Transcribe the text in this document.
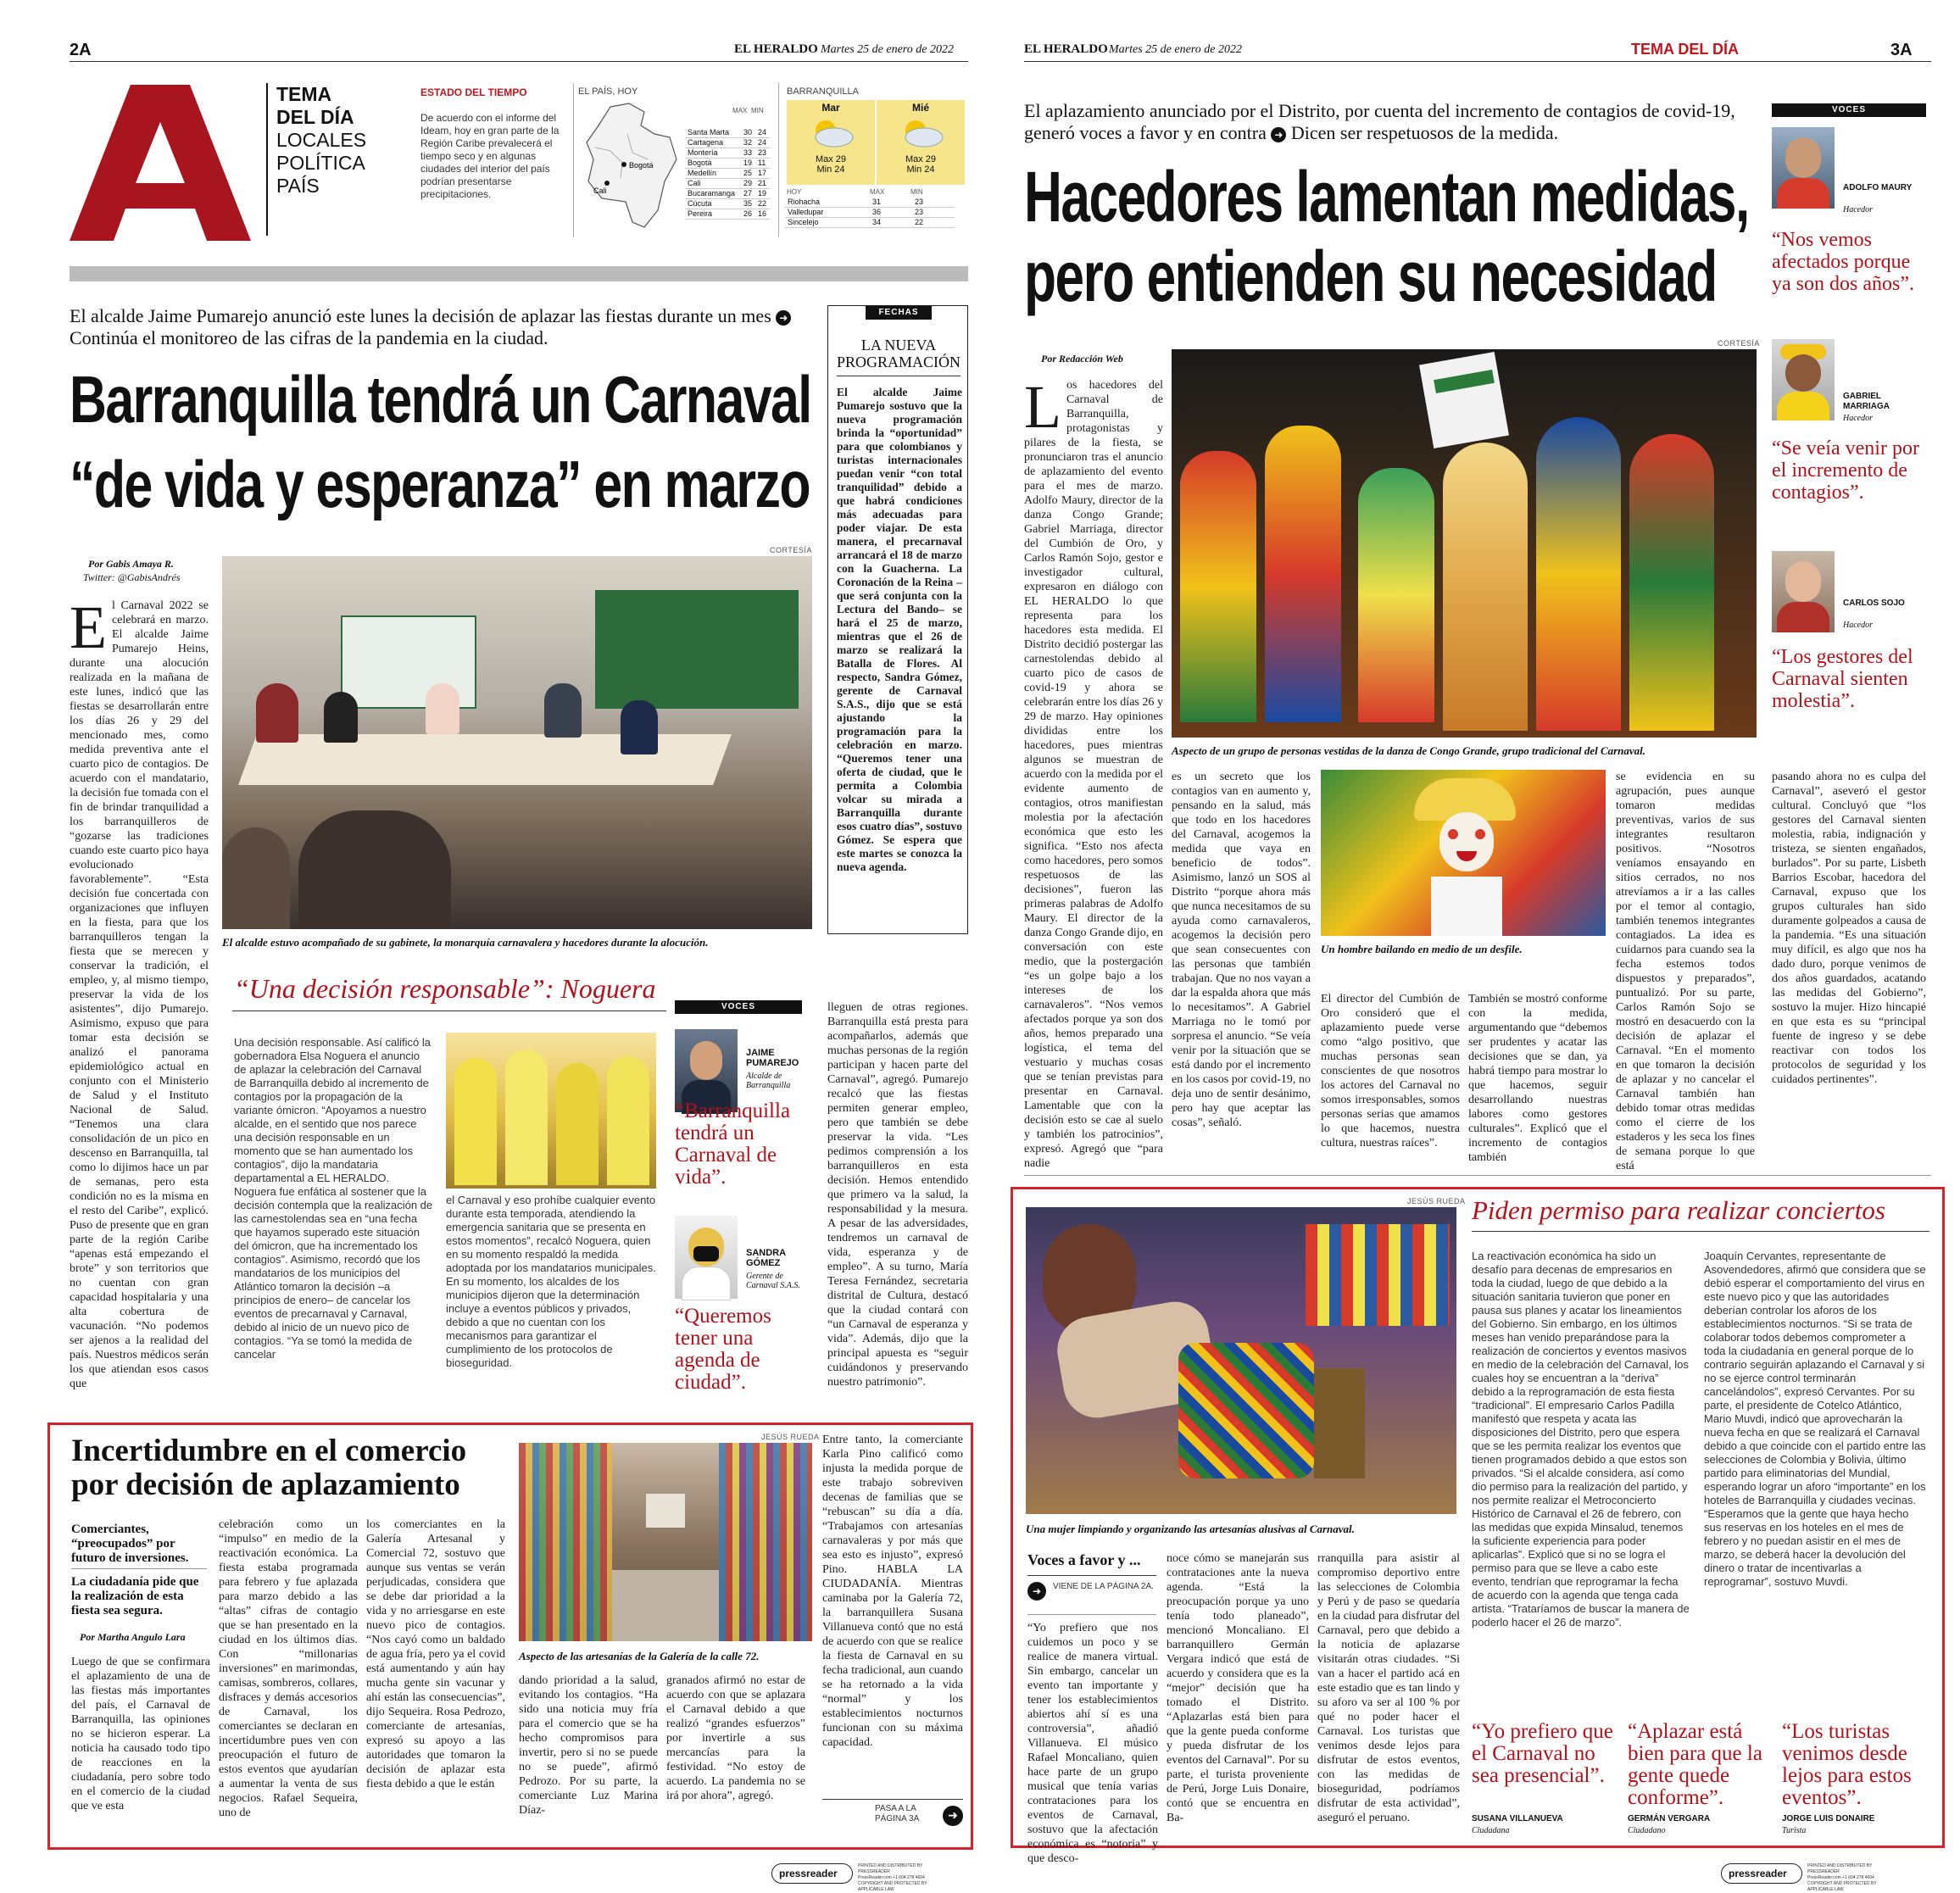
2A	EL HERALDO Martes 25 de enero de 2022
TEMA
DEL DÍA
LOCALES
POLÍTICA
PAÍS
ESTADO DEL TIEMPO
De acuerdo con el informe del Ideam, hoy en gran parte de la Región Caribe prevalecerá el tiempo seco y en algunas ciudades del interior del país podrían presentarse precipitaciones.
EL PAÍS, HOY
Bogotá
Cali
MAX MIN
Santa Marta	30	24
Cartagena	32	24
Montería	33	23
Bogotá	19	11
Medellín	25	17
Cali	29	21
Bucaramanga	27	19
Cúcuta	35	22
Pereira	26	16
BARRANQUILLA
Mar
Max 29
Min 24
Mié
Max 29
Min 24
HOY	MAX	MIN
Riohacha	31	23
Valledupar	36	23
Sincelejo	34	22
El alcalde Jaime Pumarejo anunció este lunes la decisión de aplazar las fiestas durante un mes ➜ Continúa el monitoreo de las cifras de la pandemia en la ciudad.
Barranquilla tendrá un Carnaval
“de vida y esperanza” en marzo
FECHAS
LA NUEVA PROGRAMACIÓN
El alcalde Jaime Pumarejo sostuvo que la nueva programación brinda la “oportunidad” para que colombianos y turistas internacionales puedan venir “con total tranquilidad” debido a que habrá condiciones más adecuadas para poder viajar. De esta manera, el precarnaval arrancará el 18 de marzo con la Guacherna. La Coronación de la Reina –que será conjunta con la Lectura del Bando– se hará el 25 de marzo, mientras que el 26 de marzo se realizará la Batalla de Flores. Al respecto, Sandra Gómez, gerente de Carnaval S.A.S., dijo que se está ajustando la programación para la celebración en marzo. “Queremos tener una oferta de ciudad, que le permita a Colombia volcar su mirada a Barranquilla durante esos cuatro días”, sostuvo Gómez. Se espera que este martes se conozca la nueva agenda.
Por Gabis Amaya R.
Twitter: @GabisAndrés
CORTESÍA
El alcalde estuvo acompañado de su gabinete, la monarquía carnavalera y hacedores durante la alocución.
El Carnaval 2022 se celebrará en marzo. El alcalde Jaime Pumarejo Heins, durante una alocución realizada en la mañana de este lunes, indicó que las fiestas se desarrollarán entre los días 26 y 29 del mencionado mes, como medida preventiva ante el cuarto pico de contagios. De acuerdo con el mandatario, la decisión fue tomada con el fin de brindar tranquilidad a los barranquilleros de “gozarse las tradiciones cuando este cuarto pico haya evolucionado favorablemente”. “Esta decisión fue concertada con organizaciones que influyen en la fiesta, para que los barranquilleros tengan la fiesta que se merecen y conservar la tradición, el empleo, y, al mismo tiempo, preservar la vida de los asistentes”, dijo Pumarejo. Asimismo, expuso que para tomar esta decisión se analizó el panorama epidemiológico actual en conjunto con el Ministerio de Salud y el Instituto Nacional de Salud. “Tenemos una clara consolidación de un pico en descenso en Barranquilla, tal como lo dijimos hace un par de semanas, pero esta condición no es la misma en el resto del Caribe”, explicó. Puso de presente que en gran parte de la región Caribe “apenas está empezando el brote” y son territorios que no cuentan con gran capacidad hospitalaria y una alta cobertura de vacunación. “No podemos ser ajenos a la realidad del país. Nuestros médicos serán los que atiendan esos casos que
“Una decisión responsable”: Noguera
Una decisión responsable. Así calificó la gobernadora Elsa Noguera el anuncio de aplazar la celebración del Carnaval de Barranquilla debido al incremento de contagios por la propagación de la variante ómicron. “Apoyamos a nuestro alcalde, en el sentido que nos parece una decisión responsable en un momento que se han aumentado los contagios”, dijo la mandataria departamental a EL HERALDO. Noguera fue enfática al sostener que la decisión contempla que la realización de las carnestolendas sea en “una fecha que hayamos superado este situación del ómicron, que ha incrementado los contagios”. Asimismo, recordó que los mandatarios de los municipios del Atlántico tomaron la decisión –a principios de enero– de cancelar los eventos de precarnaval y Carnaval, debido al inicio de un nuevo pico de contagios. “Ya se tomó la medida de cancelar
el Carnaval y eso prohíbe cualquier evento durante esta temporada, atendiendo la emergencia sanitaria que se presenta en estos momentos”, recalcó Noguera, quien en su momento respaldó la medida adoptada por los mandatarios municipales. En su momento, los alcaldes de los municipios dijeron que la determinación incluye a eventos públicos y privados, debido a que no cuentan con los mecanismos para garantizar el cumplimiento de los protocolos de bioseguridad.
VOCES
JAIME PUMAREJO
Alcalde de Barranquilla
“Barranquilla tendrá un Carnaval de vida”.
SANDRA GÓMEZ
Gerente de Carnaval S.A.S.
“Queremos tener una agenda de ciudad”.
lleguen de otras regiones. Barranquilla está presta para acompañarlos, además que muchas personas de la región participan y hacen parte del Carnaval”, agregó. Pumarejo recalcó que las fiestas permiten generar empleo, pero que también se debe preservar la vida. “Les pedimos comprensión a los barranquilleros en esta decisión. Hemos entendido que primero va la salud, la responsabilidad y la mesura. A pesar de las adversidades, tendremos un carnaval de vida, esperanza y de empleo”. A su turno, María Teresa Fernández, secretaria distrital de Cultura, destacó que la ciudad contará con “un Carnaval de esperanza y vida”. Además, dijo que la principal apuesta es “seguir cuidándonos y preservando nuestro patrimonio”.
Incertidumbre en el comercio
por decisión de aplazamiento
Comerciantes, “preocupados” por futuro de inversiones.
La ciudadanía pide que la realización de esta fiesta sea segura.
Por Martha Angulo Lara
Luego de que se confirmara el aplazamiento de una de las fiestas más importantes del país, el Carnaval de Barranquilla, las opiniones no se hicieron esperar. La noticia ha causado todo tipo de reacciones en la ciudadanía, pero sobre todo en el comercio de la ciudad que ve esta
celebración como un “impulso” en medio de la reactivación económica. La fiesta estaba programada para febrero y fue aplazada para marzo debido a las “altas” cifras de contagio que se han presentado en la ciudad en los últimos días. Con “millonarias inversiones” en marimondas, camisas, sombreros, collares, disfraces y demás accesorios de Carnaval, los comerciantes se declaran en incertidumbre pues ven con preocupación el futuro de estos eventos que ayudarían a aumentar la venta de sus negocios. Rafael Sequeira, uno de
los comerciantes en la Galería Artesanal y Comercial 72, sostuvo que aunque sus ventas se verán perjudicadas, considera que se debe dar prioridad a la vida y no arriesgarse en este nuevo pico de contagios. “Nos cayó como un baldado de agua fría, pero ya el covid está aumentando y aún hay mucha gente sin vacunar y ahí están las consecuencias”, dijo Sequeira. Rosa Pedrozo, comerciante de artesanías, expresó su apoyo a las autoridades que tomaron la decisión de aplazar esta fiesta debido a que le están
JESÚS RUEDA
Aspecto de las artesanías de la Galería de la calle 72.
dando prioridad a la salud, evitando los contagios. “Ha sido una noticia muy fría para el comercio que se ha hecho compromisos para invertir, pero si no se puede no se puede”, afirmó Pedrozo. Por su parte, la comerciante Luz Marina Díaz-
granados afirmó no estar de acuerdo con que se aplazara el Carnaval debido a que realizó “grandes esfuerzos” por invertirle a sus mercancías para la festividad. “No estoy de acuerdo. La pandemia no se irá por ahora”, agregó.
Entre tanto, la comerciante Karla Pino calificó como injusta la medida porque de este trabajo sobreviven decenas de familias que se “rebuscan” su día a día. “Trabajamos con artesanías carnavaleras y por más que sea esto es injusto”, expresó Pino. HABLA LA CIUDADANÍA. Mientras caminaba por la Galería 72, la barranquillera Susana Villanueva contó que no está de acuerdo con que se realice la fiesta de Carnaval en su fecha tradicional, aun cuando se ha retornado a la vida “normal” y los establecimientos nocturnos funcionan con su máxima capacidad.
PASA A LA PÁGINA 3A	➜
pressreader
PRINTED AND DISTRIBUTED BY PRESSREADER
PressReader.com +1 604 278 4604
COPYRIGHT AND PROTECTED BY APPLICABLE LAW
EL HERALDO Martes 25 de enero de 2022	TEMA DEL DÍA	3A
El aplazamiento anunciado por el Distrito, por cuenta del incremento de contagios de covid-19, generó voces a favor y en contra ➜ Dicen ser respetuosos de la medida.
Hacedores lamentan medidas,
pero entienden su necesidad
VOCES
ADOLFO MAURY
Hacedor
“Nos vemos afectados porque ya son dos años”.
GABRIEL MARRIAGA
Hacedor
“Se veía venir por el incremento de contagios”.
CARLOS SOJO
Hacedor
“Los gestores del Carnaval sienten molestia”.
Por Redacción Web
Los hacedores del Carnaval de Barranquilla, protagonistas y pilares de la fiesta, se pronunciaron tras el anuncio de aplazamiento del evento para el mes de marzo. Adolfo Maury, director de la danza Congo Grande; Gabriel Marriaga, director del Cumbión de Oro, y Carlos Ramón Sojo, gestor e investigador cultural, expresaron en diálogo con EL HERALDO lo que representa para los hacedores esta medida. El Distrito decidió postergar las carnestolendas debido al cuarto pico de casos de covid-19 y ahora se celebrarán entre los días 26 y 29 de marzo. Hay opiniones divididas entre los hacedores, pues mientras algunos se muestran de acuerdo con la medida por el evidente aumento de contagios, otros manifiestan molestia por la afectación económica que esto les significa. “Esto nos afecta como hacedores, pero somos respetuosos de las decisiones”, fueron las primeras palabras de Adolfo Maury. El director de la danza Congo Grande dijo, en conversación con este medio, que la postergación “es un golpe bajo a los intereses de los carnavaleros”. “Nos vemos afectados porque ya son dos años, hemos preparado una logística, el tema del vestuario y muchas cosas que se tenían previstas para presentar en Carnaval. Lamentable que con la decisión esto se cae al suelo y también los patrocinios”, expresó. Agregó que “para nadie
CORTESÍA
Aspecto de un grupo de personas vestidas de la danza de Congo Grande, grupo tradicional del Carnaval.
es un secreto que los contagios van en aumento y, pensando en la salud, más que todo en los hacedores del Carnaval, acogemos la medida que vaya en beneficio de todos”. Asimismo, lanzó un SOS al Distrito “porque ahora más que nunca necesitamos de su ayuda como carnavaleros, acogemos la decisión pero que sean consecuentes con las personas que también trabajan. Que no nos vayan a dar la espalda ahora que más lo necesitamos”. A Gabriel Marriaga no le tomó por sorpresa el anuncio. “Se veía venir por la situación que se está dando por el incremento en los casos por covid-19, no deja uno de sentir desánimo, pero hay que aceptar las cosas”, señaló.
Un hombre bailando en medio de un desfile.
El director del Cumbión de Oro consideró que el aplazamiento puede verse como “algo positivo, que muchas personas sean conscientes de que nosotros los actores del Carnaval no somos irresponsables, somos personas serias que amamos lo que hacemos, nuestra cultura, nuestras raíces”.
También se mostró conforme con la medida, argumentando que “debemos ser prudentes y acatar las decisiones que se dan, ya habrá tiempo para mostrar lo que hacemos, seguir desarrollando nuestras labores como gestores culturales”. Explicó que el incremento de contagios también
se evidencia en su agrupación, pues aunque tomaron medidas preventivas, varios de sus integrantes resultaron positivos. “Nosotros veníamos ensayando en sitios cerrados, no nos atrevíamos a ir a las calles por el temor al contagio, también tenemos integrantes contagiados. La idea es cuidarnos para cuando sea la fecha estemos todos dispuestos y preparados”, puntualizó. Por su parte, Carlos Ramón Sojo se mostró en desacuerdo con la decisión de aplazar el Carnaval. “En el momento en que tomaron la decisión de aplazar y no cancelar el Carnaval también han debido tomar otras medidas como el cierre de los estaderos y les seca los fines de semana porque lo que está
pasando ahora no es culpa del Carnaval”, aseveró el gestor cultural. Concluyó que “los gestores del Carnaval sienten molestia, rabia, indignación y tristeza, se sienten engañados, burlados”. Por su parte, Lisbeth Barrios Escobar, hacedora del Carnaval, expuso que los grupos culturales han sido duramente golpeados a causa de la pandemia. “Es una situación muy difícil, es algo que nos ha dado duro, porque venimos de dos años guardados, acatando las medidas del Gobierno”, sostuvo la mujer. Hizo hincapié en que esta es su “principal fuente de ingreso y se debe reactivar con todos los protocolos de seguridad y los cuidados pertinentes”.
JESÚS RUEDA
Una mujer limpiando y organizando las artesanías alusivas al Carnaval.
Piden permiso para realizar conciertos
La reactivación económica ha sido un desafío para decenas de empresarios en toda la ciudad, luego de que debido a la situación sanitaria tuvieron que poner en pausa sus planes y acatar los lineamientos del Gobierno. Sin embargo, en los últimos meses han venido preparándose para la realización de conciertos y eventos masivos en medio de la celebración del Carnaval, los cuales hoy se encuentran a la “deriva” debido a la reprogramación de esta fiesta “tradicional”. El empresario Carlos Padilla manifestó que respeta y acata las disposiciones del Distrito, pero que espera que se les permita realizar los eventos que tienen programados debido a que estos son privados. “Si el alcalde considera, así como dio permiso para la realización del partido, y nos permite realizar el Metroconcierto Histórico de Carnaval el 26 de febrero, con las medidas que expida Minsalud, tenemos la suficiente experiencia para poder aplicarlas”. Explicó que si no se logra el permiso para que se lleve a cabo este evento, tendrían que reprogramar la fecha de acuerdo con la agenda que tenga cada artista. “Trataríamos de buscar la manera de poderlo hacer el 26 de marzo”.
Joaquín Cervantes, representante de Asovendedores, afirmó que considera que se debió esperar el comportamiento del virus en este nuevo pico y que las autoridades deberían controlar los aforos de los establecimientos nocturnos. “Si se trata de colaborar todos debemos comprometer a toda la ciudadanía en general porque de lo contrario seguirán aplazando el Carnaval y si no se ejerce control terminarán cancelándolos”, expresó Cervantes. Por su parte, el presidente de Cotelco Atlántico, Mario Muvdi, indicó que aprovecharán la nueva fecha en que se realizará el Carnaval debido a que coincide con el partido entre las selecciones de Colombia y Bolivia, último partido para eliminatorias del Mundial, esperando lograr un aforo “importante” en los hoteles de Barranquilla y ciudades vecinas. “Esperamos que la gente que haya hecho sus reservas en los hoteles en el mes de febrero y no puedan asistir en el mes de marzo, se deberá hacer la devolución del dinero o tratar de incentivarlas a reprogramar”, sostuvo Muvdi.
Voces a favor y ...
➜	VIENE DE LA PÁGINA 2A.
“Yo prefiero que nos cuidemos un poco y se realice de manera virtual. Sin embargo, cancelar un evento tan importante y tener los establecimientos abiertos ahí sí es una controversia”, añadió Villanueva. El músico Rafael Moncaliano, quien hace parte de un grupo musical que tenía varias contrataciones para los eventos de Carnaval, sostuvo que la afectación económica es “notoria” y que desco-
noce cómo se manejarán sus contrataciones ante la nueva agenda. “Está la preocupación porque ya uno tenía todo planeado”, mencionó Moncaliano. El barranquillero Germán Vergara indicó que está de acuerdo y considera que es la “mejor” decisión que ha tomado el Distrito. “Aplazarlas está bien para que la gente pueda conforme y pueda disfrutar de los eventos del Carnaval”. Por su parte, el turista proveniente de Perú, Jorge Luis Donaire, contó que se encuentra en Ba-
rranquilla para asistir al compromiso deportivo entre las selecciones de Colombia y Perú y de paso se quedaría en la ciudad para disfrutar del Carnaval, pero que debido a la noticia de aplazarse visitarán otras ciudades. “Si van a hacer el partido acá en este estadio que es tan lindo y su aforo va ser al 100 % por qué no poder hacer el Carnaval. Los turistas que venimos desde lejos para disfrutar de estos eventos, con las medidas de bioseguridad, podríamos disfrutar de esta actividad”, aseguró el peruano.
“Yo prefiero que el Carnaval no sea presencial”.
SUSANA VILLANUEVA
Ciudadana
“Aplazar está bien para que la gente quede conforme”.
GERMÁN VERGARA
Ciudadano
“Los turistas venimos desde lejos para estos eventos”.
JORGE LUIS DONAIRE
Turista
pressreader
PRINTED AND DISTRIBUTED BY PRESSREADER
PressReader.com +1 604 278 4604
COPYRIGHT AND PROTECTED BY APPLICABLE LAW
